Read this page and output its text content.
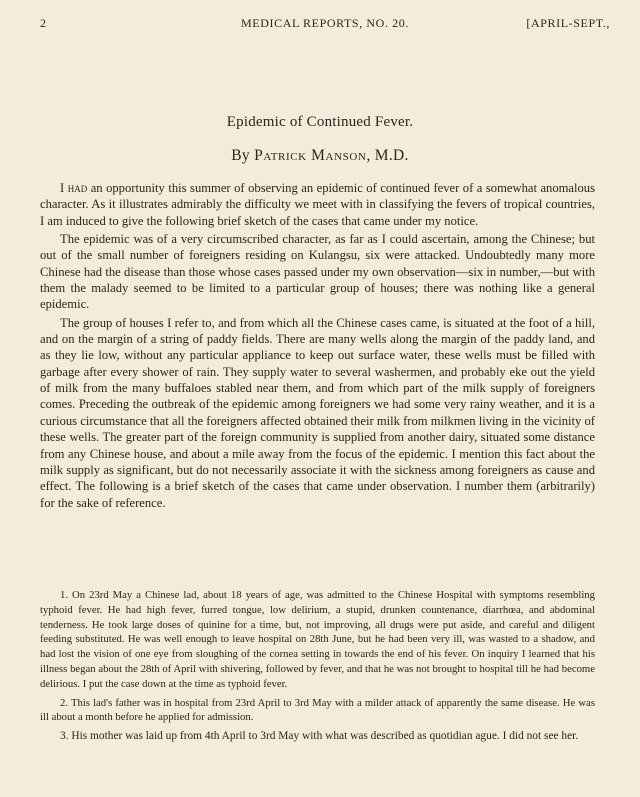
2	MEDICAL REPORTS, NO. 20.	[APRIL-SEPT.,
Epidemic of Continued Fever.
By Patrick Manson, M.D.

I had an opportunity this summer of observing an epidemic of continued fever of a somewhat anomalous character. As it illustrates admirably the difficulty we meet with in classifying the fevers of tropical countries, I am induced to give the following brief sketch of the cases that came under my notice.

The epidemic was of a very circumscribed character, as far as I could ascertain, among the Chinese; but out of the small number of foreigners residing on Kulangsu, six were attacked. Undoubtedly many more Chinese had the disease than those whose cases passed under my own observation—six in number,—but with them the malady seemed to be limited to a particular group of houses; there was nothing like a general epidemic.

The group of houses I refer to, and from which all the Chinese cases came, is situated at the foot of a hill, and on the margin of a string of paddy fields. There are many wells along the margin of the paddy land, and as they lie low, without any particular appliance to keep out surface water, these wells must be filled with garbage after every shower of rain. They supply water to several washermen, and probably eke out the yield of milk from the many buffaloes stabled near them, and from which part of the milk supply of foreigners comes. Preceding the outbreak of the epidemic among foreigners we had some very rainy weather, and it is a curious circumstance that all the foreigners affected obtained their milk from milkmen living in the vicinity of these wells. The greater part of the foreign community is supplied from another dairy, situated some distance from any Chinese house, and about a mile away from the focus of the epidemic. I mention this fact about the milk supply as significant, but do not necessarily associate it with the sickness among foreigners as cause and effect. The following is a brief sketch of the cases that came under observation. I number them (arbitrarily) for the sake of reference.

1. On 23rd May a Chinese lad, about 18 years of age, was admitted to the Chinese Hospital with symptoms resembling typhoid fever. He had high fever, furred tongue, low delirium, a stupid, drunken countenance, diarrhœa, and abdominal tenderness. He took large doses of quinine for a time, but, not improving, all drugs were put aside, and careful and diligent feeding substituted. He was well enough to leave hospital on 28th June, but he had been very ill, was wasted to a shadow, and had lost the vision of one eye from sloughing of the cornea setting in towards the end of his fever. On inquiry I learned that his illness began about the 28th of April with shivering, followed by fever, and that he was not brought to hospital till he had become delirious. I put the case down at the time as typhoid fever.

2. This lad's father was in hospital from 23rd April to 3rd May with a milder attack of apparently the same disease. He was ill about a month before he applied for admission.

3. His mother was laid up from 4th April to 3rd May with what was described as quotidian ague. I did not see her.
